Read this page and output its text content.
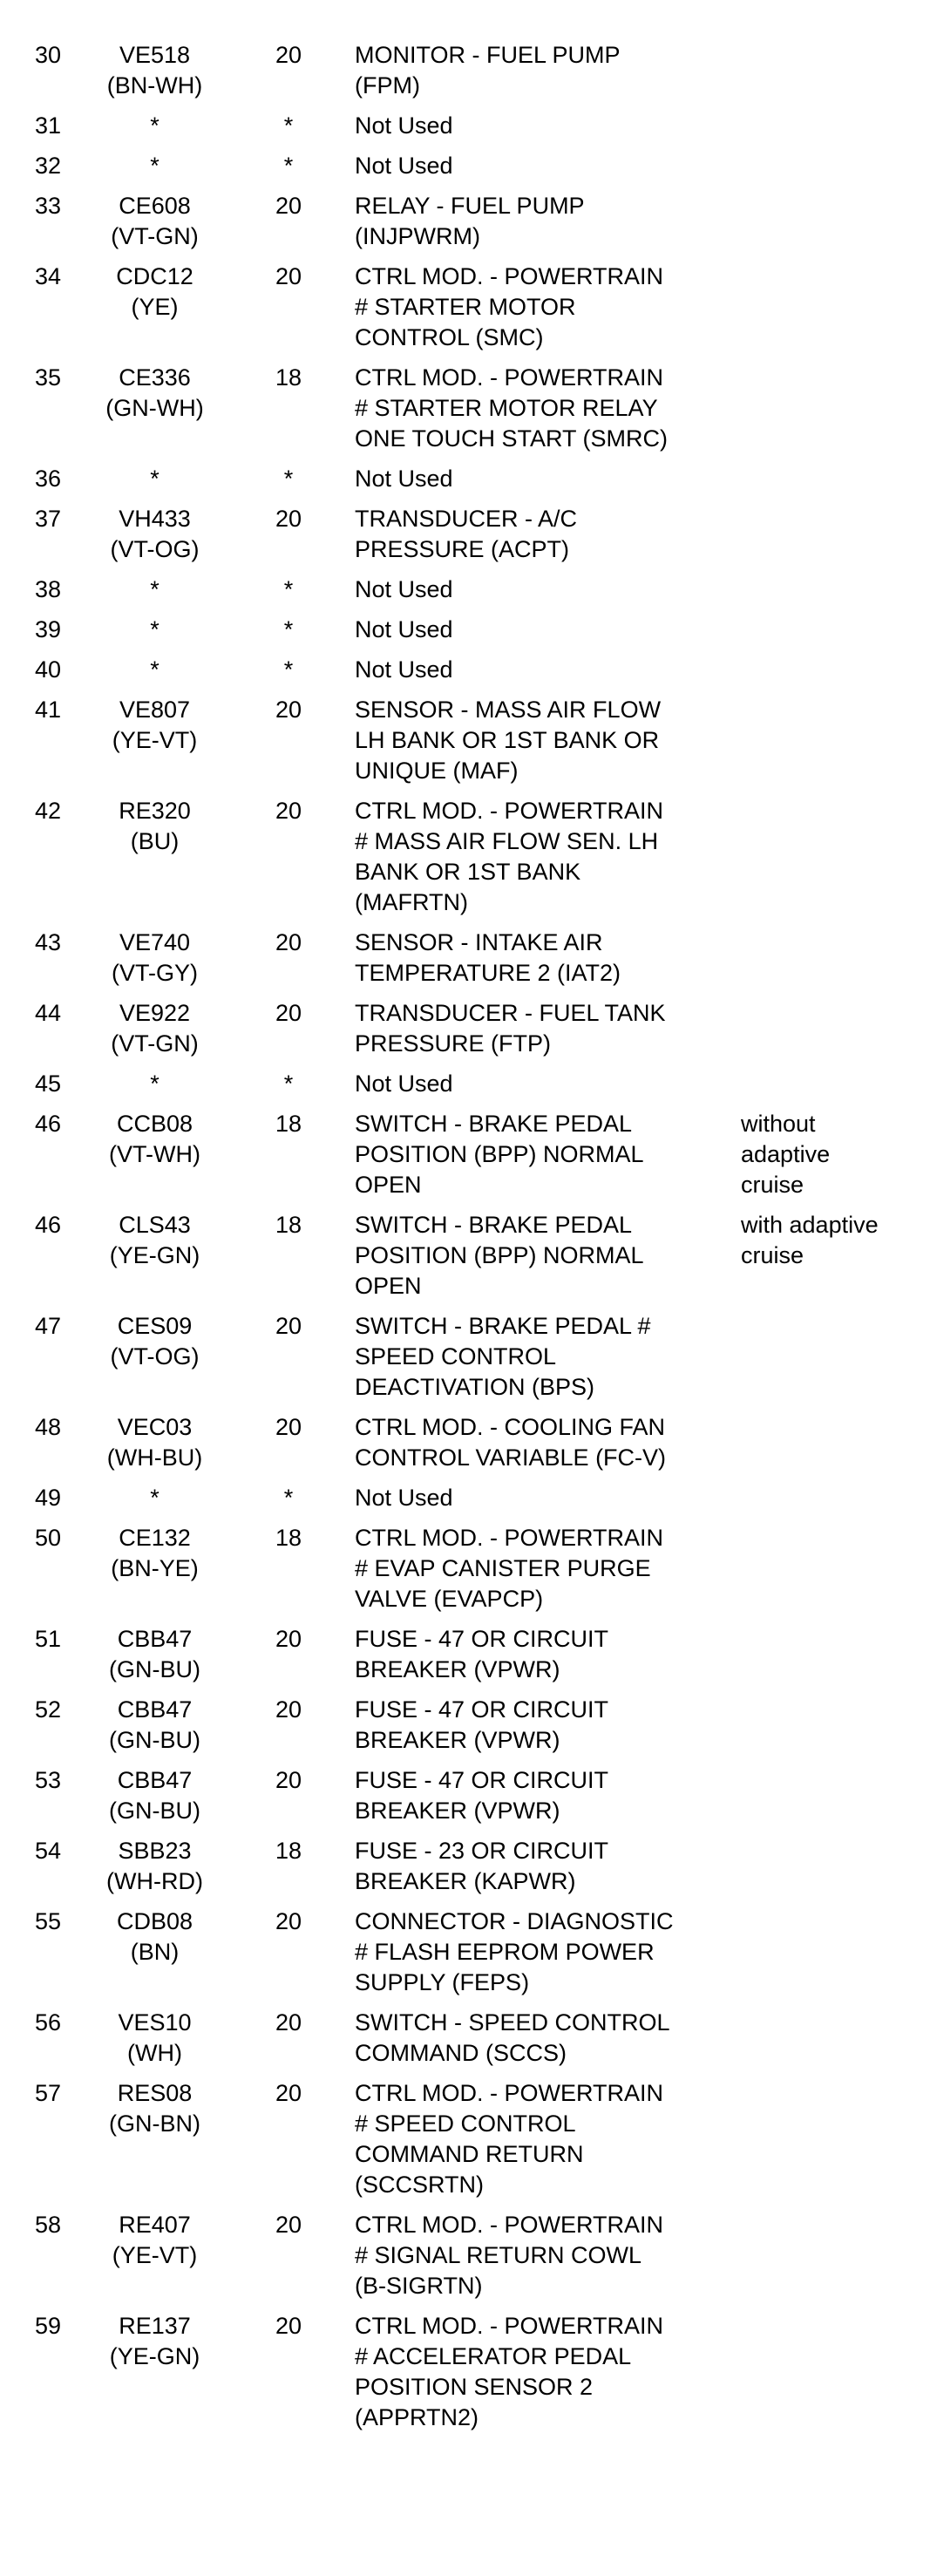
30	VE518
(BN-WH)	20	MONITOR - FUEL PUMP
(FPM)	

31	*	*	Not Used	

32	*	*	Not Used	

33	CE608
(VT-GN)	20	RELAY - FUEL PUMP
(INJPWRM)	

34	CDC12
(YE)	20	CTRL MOD. - POWERTRAIN
# STARTER MOTOR
CONTROL (SMC)	

35	CE336
(GN-WH)	18	CTRL MOD. - POWERTRAIN
# STARTER MOTOR RELAY
ONE TOUCH START (SMRC)	

36	*	*	Not Used	

37	VH433
(VT-OG)	20	TRANSDUCER - A/C
PRESSURE (ACPT)	

38	*	*	Not Used	

39	*	*	Not Used	

40	*	*	Not Used	

41	VE807
(YE-VT)	20	SENSOR - MASS AIR FLOW
LH BANK OR 1ST BANK OR
UNIQUE (MAF)	

42	RE320
(BU)	20	CTRL MOD. - POWERTRAIN
# MASS AIR FLOW SEN. LH
BANK OR 1ST BANK
(MAFRTN)	

43	VE740
(VT-GY)	20	SENSOR - INTAKE AIR
TEMPERATURE 2 (IAT2)	

44	VE922
(VT-GN)	20	TRANSDUCER - FUEL TANK
PRESSURE (FTP)	

45	*	*	Not Used	

46	CCB08
(VT-WH)	18	SWITCH - BRAKE PEDAL
POSITION (BPP) NORMAL
OPEN	without
adaptive
cruise

46	CLS43
(YE-GN)	18	SWITCH - BRAKE PEDAL
POSITION (BPP) NORMAL
OPEN	with adaptive
cruise

47	CES09
(VT-OG)	20	SWITCH - BRAKE PEDAL #
SPEED CONTROL
DEACTIVATION (BPS)	

48	VEC03
(WH-BU)	20	CTRL MOD. - COOLING FAN
CONTROL VARIABLE (FC-V)	

49	*	*	Not Used	

50	CE132
(BN-YE)	18	CTRL MOD. - POWERTRAIN
# EVAP CANISTER PURGE
VALVE (EVAPCP)	

51	CBB47
(GN-BU)	20	FUSE - 47 OR CIRCUIT
BREAKER (VPWR)	

52	CBB47
(GN-BU)	20	FUSE - 47 OR CIRCUIT
BREAKER (VPWR)	

53	CBB47
(GN-BU)	20	FUSE - 47 OR CIRCUIT
BREAKER (VPWR)	

54	SBB23
(WH-RD)	18	FUSE - 23 OR CIRCUIT
BREAKER (KAPWR)	

55	CDB08
(BN)	20	CONNECTOR - DIAGNOSTIC
# FLASH EEPROM POWER
SUPPLY (FEPS)	

56	VES10
(WH)	20	SWITCH - SPEED CONTROL
COMMAND (SCCS)	

57	RES08
(GN-BN)	20	CTRL MOD. - POWERTRAIN
# SPEED CONTROL
COMMAND RETURN
(SCCSRTN)	

58	RE407
(YE-VT)	20	CTRL MOD. - POWERTRAIN
# SIGNAL RETURN COWL
(B-SIGRTN)	

59	RE137
(YE-GN)	20	CTRL MOD. - POWERTRAIN
# ACCELERATOR PEDAL
POSITION SENSOR 2
(APPRTN2)	
